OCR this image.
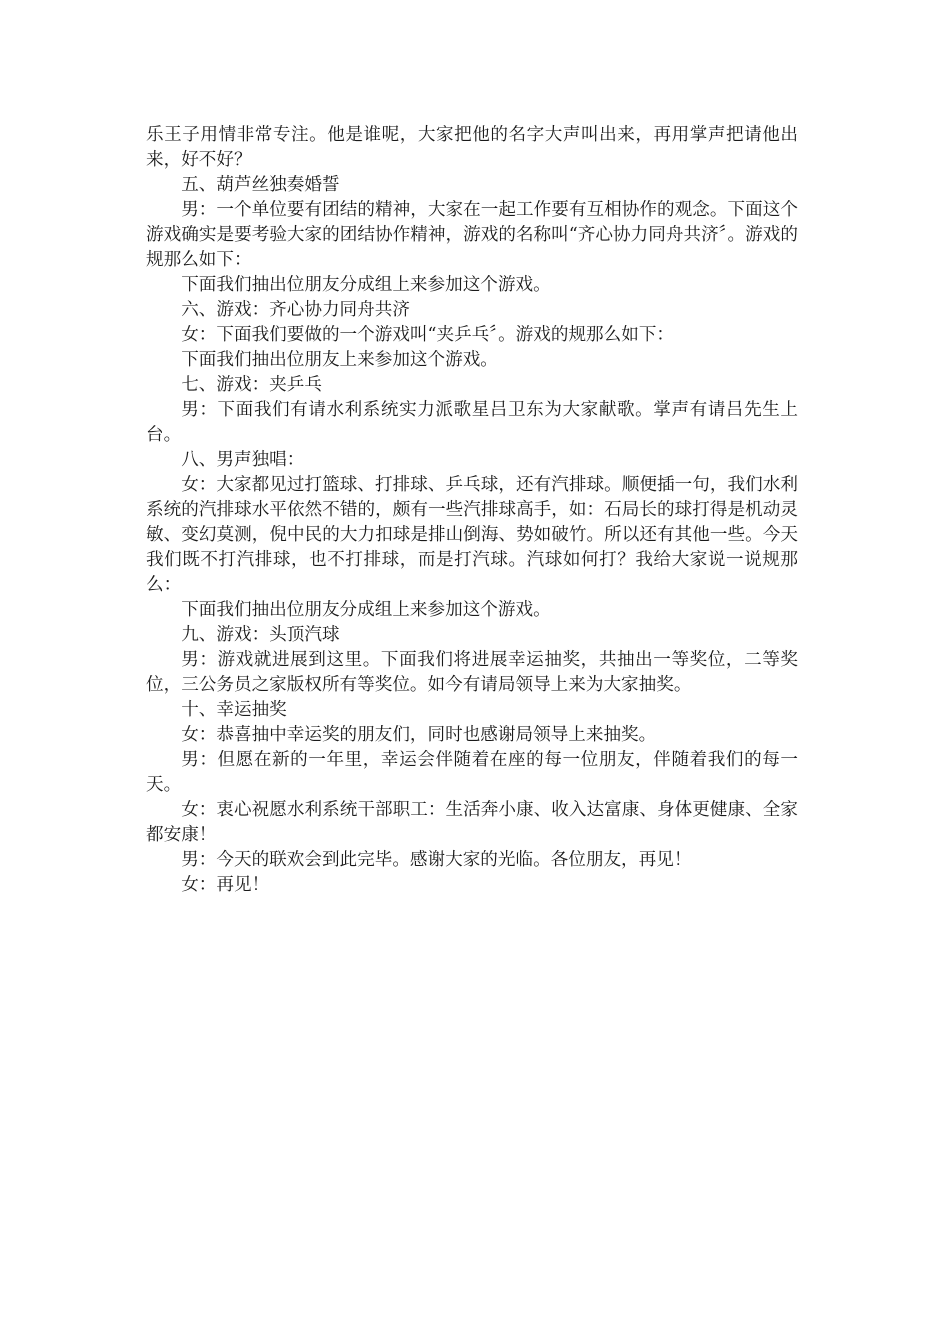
乐王子用情非常专注。他是谁呢，大家把他的名字大声叫出来，再用掌声把请他出来，好不好？

五、葫芦丝独奏婚誓

男：一个单位要有团结的精神，大家在一起工作要有互相协作的观念。下面这个游戏确实是要考验大家的团结协作精神，游戏的名称叫“齐心协力同舟共济〞。游戏的规那么如下：

下面我们抽出位朋友分成组上来参加这个游戏。

六、游戏：齐心协力同舟共济

女：下面我们要做的一个游戏叫“夹乒乓〞。游戏的规那么如下：

下面我们抽出位朋友上来参加这个游戏。

七、游戏：夹乒乓

男：下面我们有请水利系统实力派歌星吕卫东为大家献歌。掌声有请吕先生上台。

八、男声独唱：

女：大家都见过打篮球、打排球、乒乓球，还有汽排球。顺便插一句，我们水利系统的汽排球水平依然不错的，颇有一些汽排球高手，如：石局长的球打得是机动灵敏、变幻莫测，倪中民的大力扣球是排山倒海、势如破竹。所以还有其他一些。今天我们既不打汽排球，也不打排球，而是打汽球。汽球如何打？我给大家说一说规那么：

下面我们抽出位朋友分成组上来参加这个游戏。

九、游戏：头顶汽球

男：游戏就进展到这里。下面我们将进展幸运抽奖，共抽出一等奖位，二等奖位，三公务员之家版权所有等奖位。如今有请局领导上来为大家抽奖。

十、幸运抽奖

女：恭喜抽中幸运奖的朋友们，同时也感谢局领导上来抽奖。

男：但愿在新的一年里，幸运会伴随着在座的每一位朋友，伴随着我们的每一天。

女：衷心祝愿水利系统干部职工：生活奔小康、收入达富康、身体更健康、全家都安康！

男：今天的联欢会到此完毕。感谢大家的光临。各位朋友，再见！

女：再见！
